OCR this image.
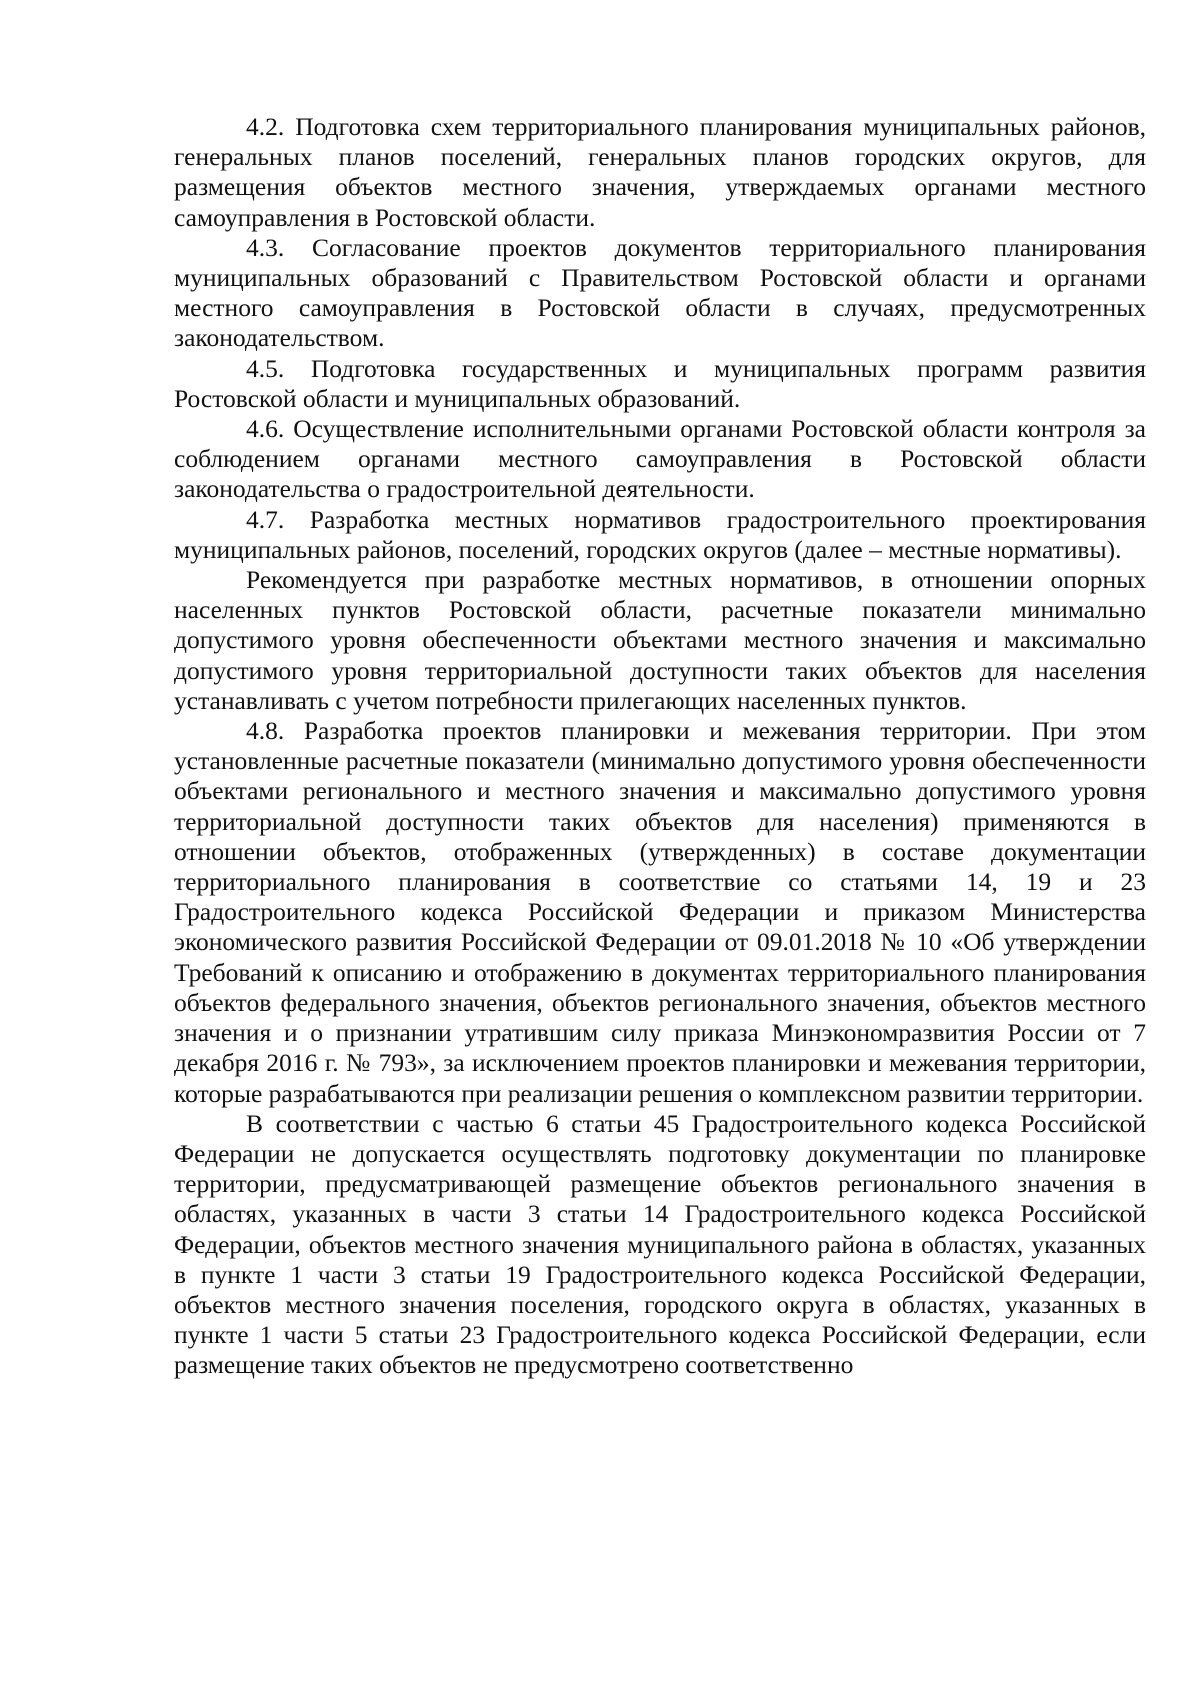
4.2. Подготовка схем территориального планирования муниципальных районов, генеральных планов поселений, генеральных планов городских округов, для размещения объектов местного значения, утверждаемых органами местного самоуправления в Ростовской области.

4.3. Согласование проектов документов территориального планирования муниципальных образований с Правительством Ростовской области и органами местного самоуправления в Ростовской области в случаях, предусмотренных законодательством.

4.5. Подготовка государственных и муниципальных программ развития Ростовской области и муниципальных образований.

4.6. Осуществление исполнительными органами Ростовской области контроля за соблюдением органами местного самоуправления в Ростовской области законодательства о градостроительной деятельности.

4.7. Разработка местных нормативов градостроительного проектирования муниципальных районов, поселений, городских округов (далее – местные нормативы).

Рекомендуется при разработке местных нормативов, в отношении опорных населенных пунктов Ростовской области, расчетные показатели минимально допустимого уровня обеспеченности объектами местного значения и максимально допустимого уровня территориальной доступности таких объектов для населения устанавливать с учетом потребности прилегающих населенных пунктов.

4.8. Разработка проектов планировки и межевания территории. При этом установленные расчетные показатели (минимально допустимого уровня обеспеченности объектами регионального и местного значения и максимально допустимого уровня территориальной доступности таких объектов для населения) применяются в отношении объектов, отображенных (утвержденных) в составе документации территориального планирования в соответствие со статьями 14, 19 и 23 Градостроительного кодекса Российской Федерации и приказом Министерства экономического развития Российской Федерации от 09.01.2018 № 10 «Об утверждении Требований к описанию и отображению в документах территориального планирования объектов федерального значения, объектов регионального значения, объектов местного значения и о признании утратившим силу приказа Минэкономразвития России от 7 декабря 2016 г. № 793», за исключением проектов планировки и межевания территории, которые разрабатываются при реализации решения о комплексном развитии территории.

В соответствии с частью 6 статьи 45 Градостроительного кодекса Российской Федерации не допускается осуществлять подготовку документации по планировке территории, предусматривающей размещение объектов регионального значения в областях, указанных в части 3 статьи 14 Градостроительного кодекса Российской Федерации, объектов местного значения муниципального района в областях, указанных в пункте 1 части 3 статьи 19 Градостроительного кодекса Российской Федерации, объектов местного значения поселения, городского округа в областях, указанных в пункте 1 части 5 статьи 23 Градостроительного кодекса Российской Федерации, если размещение таких объектов не предусмотрено соответственно
